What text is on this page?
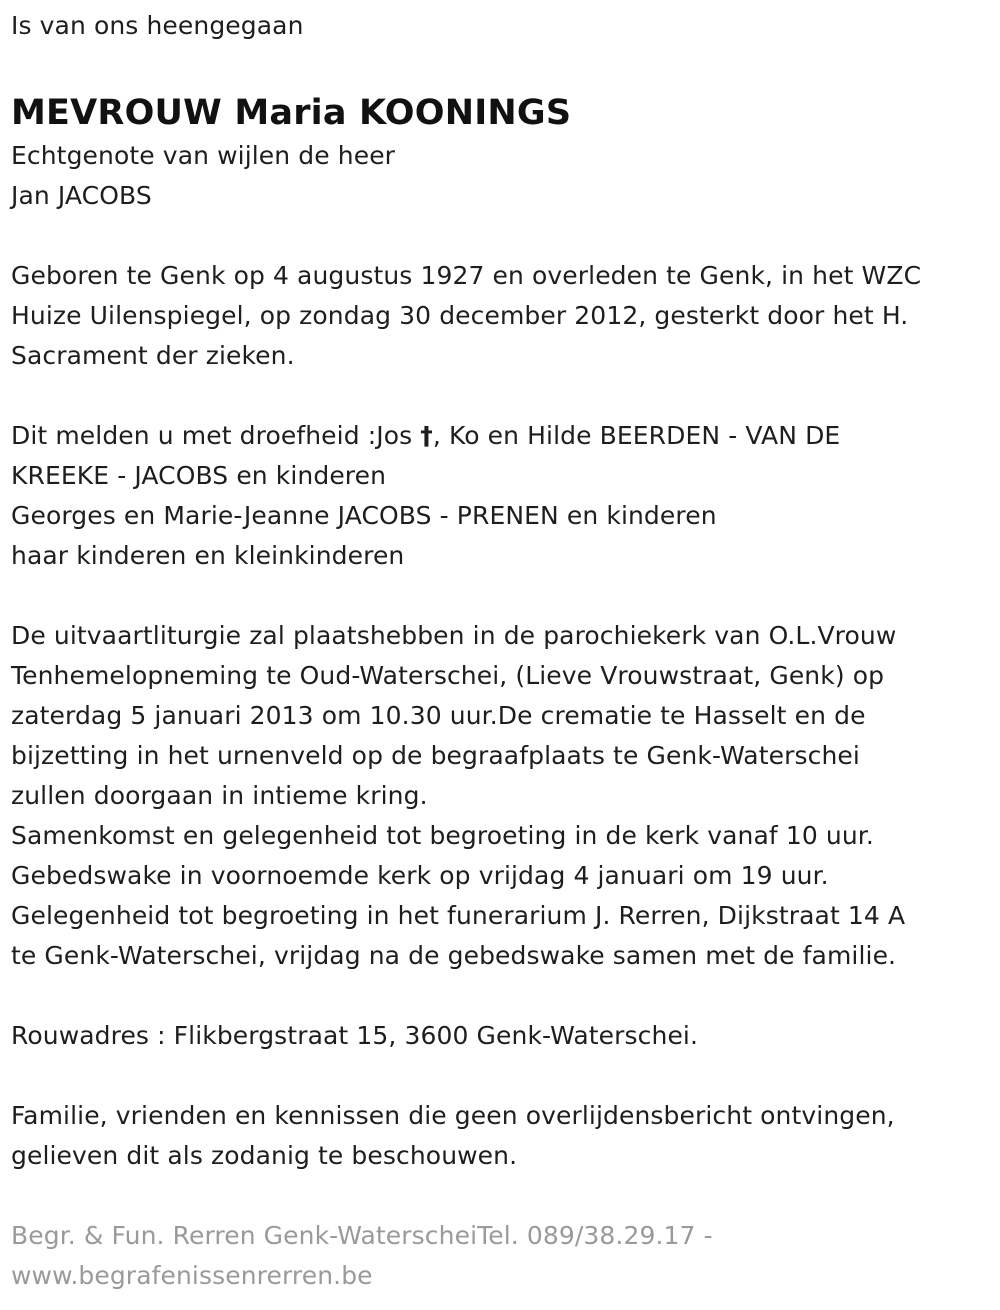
Is van ons heengegaan
MEVROUW Maria KOONINGS
Echtgenote van wijlen de heer
Jan JACOBS
Geboren te Genk op 4 augustus 1927 en overleden te Genk, in het WZC
Huize Uilenspiegel, op zondag 30 december 2012, gesterkt door het H.
Sacrament der zieken.
Dit melden u met droefheid :Jos †, Ko en Hilde BEERDEN - VAN DE
KREEKE - JACOBS en kinderen
Georges en Marie-Jeanne JACOBS - PRENEN en kinderen
haar kinderen en kleinkinderen
De uitvaartliturgie zal plaatshebben in de parochiekerk van O.L.Vrouw
Tenhemelopneming te Oud-Waterschei, (Lieve Vrouwstraat, Genk) op
zaterdag 5 januari 2013 om 10.30 uur.De crematie te Hasselt en de
bijzetting in het urnenveld op de begraafplaats te Genk-Waterschei
zullen doorgaan in intieme kring.
Samenkomst en gelegenheid tot begroeting in de kerk vanaf 10 uur.
Gebedswake in voornoemde kerk op vrijdag 4 januari om 19 uur.
Gelegenheid tot begroeting in het funerarium J. Rerren, Dijkstraat 14 A
te Genk-Waterschei, vrijdag na de gebedswake samen met de familie.
Rouwadres : Flikbergstraat 15, 3600 Genk-Waterschei.
Familie, vrienden en kennissen die geen overlijdensbericht ontvingen,
gelieven dit als zodanig te beschouwen.
Begr. & Fun. Rerren Genk-WaterscheiTel. 089/38.29.17 -
www.begrafenissenrerren.be
